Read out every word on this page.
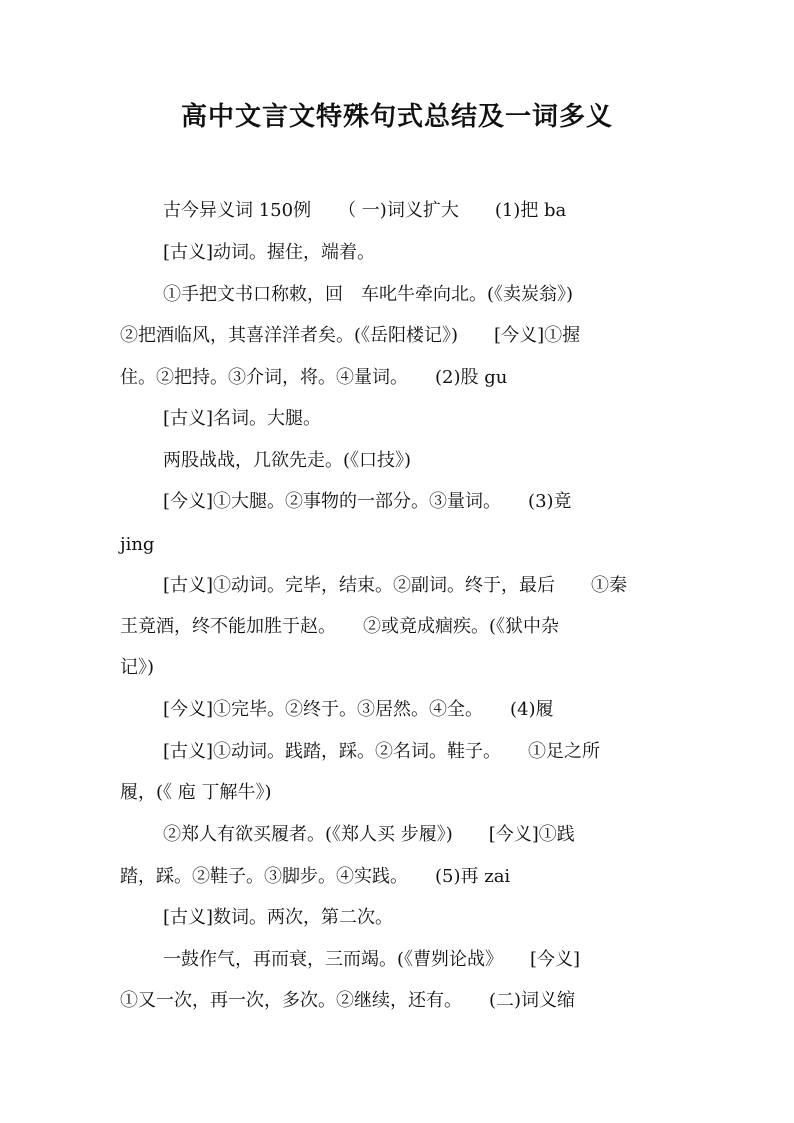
高中文言文特殊句式总结及一词多义
古今异义词 150例　　（ 一)词义扩大　　(1)把 ba
[古义]动词。握住，端着。
①手把文书口称敕，回　车叱牛牵向北。(《卖炭翁》)
②把酒临风，其喜洋洋者矣。(《岳阳楼记》)　　[今义]①握
住。②把持。③介词，将。④量词。　　(2)股 gu
[古义]名词。大腿。
两股战战，几欲先走。(《口技》)
[今义]①大腿。②事物的一部分。③量词。　　(3)竟
jing
[古义]①动词。完毕，结束。②副词。终于，最后　　①秦
王竟酒，终不能加胜于赵。　　②或竟成痼疾。(《狱中杂
记》)
[今义]①完毕。②终于。③居然。④全。　　(4)履
[古义]①动词。践踏，踩。②名词。鞋子。　　①足之所
履，(《 庖 丁解牛》)
②郑人有欲买履者。(《郑人买 步履》)　　[今义]①践
踏，踩。②鞋子。③脚步。④实践。　　(5)再 zai
[古义]数词。两次，第二次。
一鼓作气，再而衰，三而竭。(《曹刿论战》　　[今义]
①又一次，再一次，多次。②继续，还有。　　(二)词义缩
